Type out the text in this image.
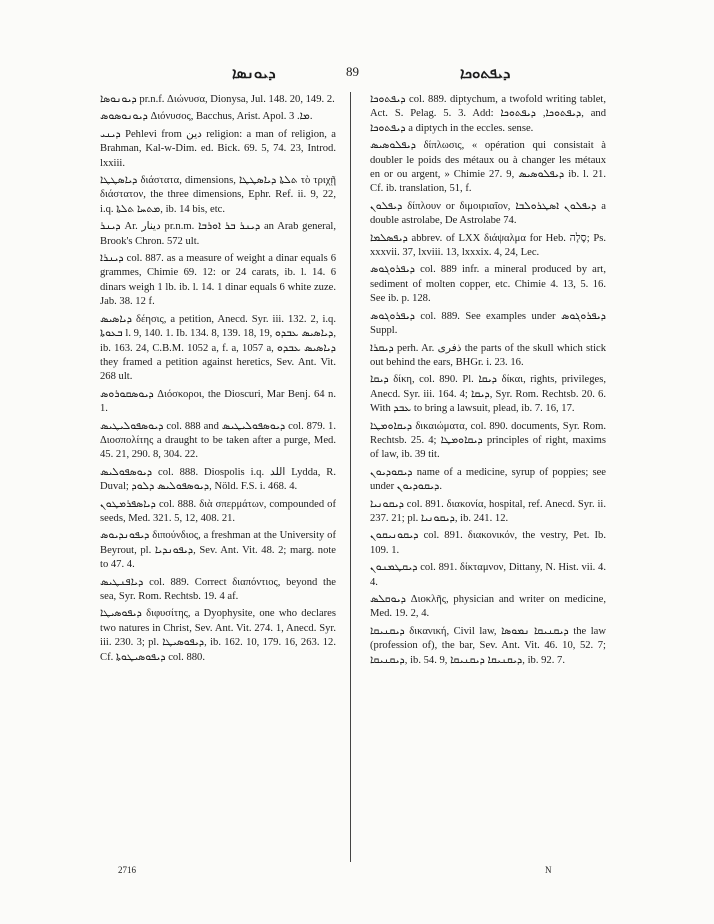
ܕܝܘܢܣܐ	89	ܕܝܦܬܘܟܐ

ܕܝܘܢܘܣܐ pr.n.f. Διώνυσα, Dionysa, Jul. 148. 20, 149. 2.

ܕܝܘܢܘܣܘܣ Διόνυσος, Bacchus, Arist. Apol. ܡܐ. 3.

ܕܝܢܝ Pehlevi from دین religion: a man of religion, a Brahman, Kal-w-Dim. ed. Bick. 69. 5, 74. 23, Introd. lxxiii.

ܕܝܐܣܛܛܐ διάστατα, dimensions, ܬܠܬܐ ܕܝܐܣܛܛܐ τὸ τριχῇ διάστατον, the three dimensions, Ephr. Ref. ii. 9, 22, i.q. ܡܬܚܐ ܬܠܬܐ, ib. 14 bis, etc.

ܕܝܢܪ Ar. دینار pr.n.m. ܕܝܢܪ ܒܪ ܐܘܪܒܐ an Arab general, Brook's Chron. 572 ult.

ܕܝܢܪܐ col. 887. as a measure of weight a dinar equals 6 grammes, Chimie 69. 12: or 24 carats, ib. l. 14. 6 dinars weigh 1 lb. ib. l. 14. 1 dinar equals 6 white zuze. Jab. 38. 12 f.

ܕܝܐܣܝܣ δέησις, a petition, Anecd. Syr. iii. 132. 2, i.q. ܒܥܘܬܐ l. 9, 140. 1. Ib. 134. 8, 139. 18, 19, ܕܝܐܣܝܣ ܥܒܕܘ, ib. 163. 24, C.B.M. 1052 a, f. a, 1057 a, ܕܝܐܣܝܣ ܥܒܕܘ they framed a petition against heretics, Sev. Ant. Vit. 268 ult.

ܕܝܘܣܩܘܪܘܣ Διόσκοροι, the Dioscuri, Mar Benj. 64 n. 1.

ܕܝܘܣܦܘܠܝܛܝܣ col. 888 and ܕܝܘܣܦܘܠܝܛܝܣ col. 879. 1. Διοσπολίτης a draught to be taken after a purge, Med. 45. 21, 290. 8, 304. 22.

ܕܝܘܣܦܘܠܝܣ col. 888. Diospolis i.q. اللد Lydda, R. Duval; ܕܝܘܣܦܘܠܝܣ ܕܠܘܕ, Nöld. F.S. i. 468. 4.

ܕܝܐܣܦܪܡܛܘܢ col. 888. διὰ σπερμάτων, compounded of seeds, Med. 321. 5, 12, 408. 21.

ܕܝܦܘܢܕܝܘܣ διπούνδιος, a freshman at the University of Beyrout, pl. ܕܝܦܘܢܕܝܐ, Sev. Ant. Vit. 48. 2; marg. note to 47. 4.

ܕܝܐܦܢܛܝܣ col. 889. Correct διαπόντιος, beyond the sea, Syr. Rom. Rechtsb. 19. 4 af.

ܕܝܦܘܣܝܛܐ διφυσίτης, a Dyophysite, one who declares two natures in Christ, Sev. Ant. Vit. 274. 1, Anecd. Syr. iii. 230. 3; pl. ܕܝܦܘܣܝܛܐ, ib. 162. 10, 179. 16, 263. 12. Cf. ܕܝܦܘܣܝܛܘܬܐ col. 880.

ܕܝܦܬܘܟܐ col. 889. diptychum, a twofold writing tablet, Act. S. Pelag. 5. 3. Add: ܕܝܦܬܘܟܐ, ܕܝܦܬܘܟܐ, and ܕܝܦܬܘܟܐ a diptych in the eccles. sense.

ܕܝܦܠܘܣܝܣ δίπλωσις, « opération qui consistait à doubler le poids des métaux ou à changer les métaux en or ou argent, » Chimie 27. 9, ܕܝܦܠܘܣܝܣ ib. l. 21. Cf. ib. translation, 51, f.

ܕܝܦܠܘܢ δίπλουν or διμοιριαῖον, ܕܝܦܠܘܢ ܐܣܛܪܘܠܒܐ a double astrolabe, De Astrolabe 74.

ܕܝܦܣܠܡܐ abbrev. of LXX διάψαλμα for Heb. סֶלָה; Ps. xxxvii. 37, lxviii. 13, lxxxix. 4, 24, Lec.

ܕܝܦܪܘܓܘܣ col. 889 infr. a mineral produced by art, sediment of molten copper, etc. Chimie 4. 13, 5. 16. See ib. p. 128.

ܕܝܦܪܘܓܘܣ col. 889. See examples under ܕܝܦܪܘܓܘܣ Suppl.

ܕܝܩܪܐ perh. Ar. ذفری the parts of the skull which stick out behind the ears, BHGr. i. 23. 16.

ܕܝܩܐ δίκη, col. 890. Pl. ܕܝܩܐ δίκαι, rights, privileges, Anecd. Syr. iii. 164. 4; ܕܝܩܐ, Syr. Rom. Rechtsb. 20. 6. With ܥܒܕ to bring a lawsuit, plead, ib. 7. 16, 17.

ܕܝܩܐܘܡܛܐ δικαιώματα, col. 890. documents, Syr. Rom. Rechtsb. 25. 4; ܕܝܩܐܘܡܛܐ principles of right, maxims of law, ib. 39 tit.

ܕܝܩܘܕܝܘܢ name of a medicine, syrup of poppies; see under ܕܝܩܘܕܝܘܢ.

ܕܝܩܘܢܝܐ col. 891. διακονία, hospital, ref. Anecd. Syr. ii. 237. 21; pl. ܕܝܩܘܢܝܐ, ib. 241. 12.

ܕܝܩܘܢܝܩܘܢ col. 891. διακονικόν, the vestry, Pet. Ib. 109. 1.

ܕܝܩܛܡܢܘܢ col. 891. δίκταμνον, Dittany, N. Hist. vii. 4. 4.

ܕܝܘܩܠܣ Διοκλῆς, physician and writer on medicine, Med. 19. 2, 4.

ܕܝܩܢܝܩܐ δικανική, Civil law, ܕܝܩܢܝܩܐ ܢܡܘܣܐ the law (profession of), the bar, Sev. Ant. Vit. 46. 10, 52. 7; ܕܝܩܢܝܩܐ, ib. 54. 9, ܕܝܩܢܝܩܐ ܕܝܩܢܝܩܐ, ib. 92. 7.

2716	N
